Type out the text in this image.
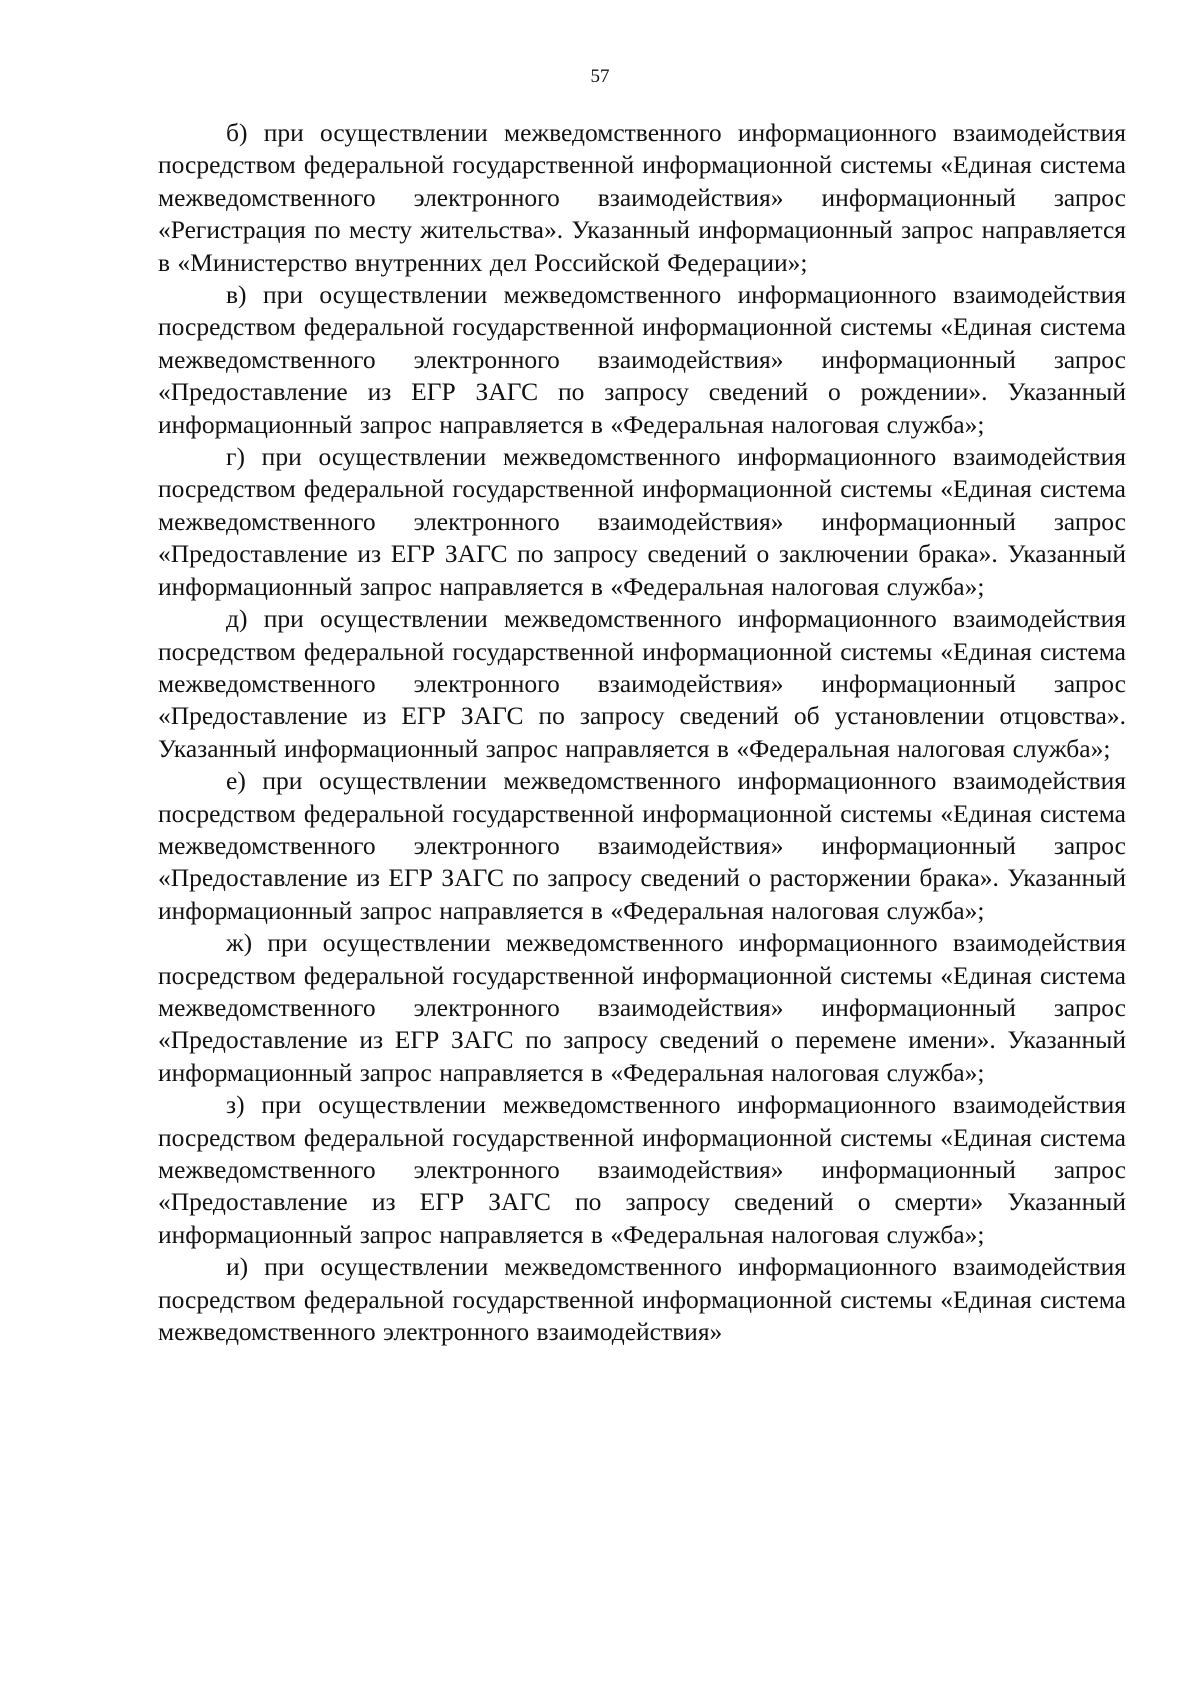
57

б) при осуществлении межведомственного информационного взаимодействия посредством федеральной государственной информационной системы «Единая система межведомственного электронного взаимодействия» информационный запрос «Регистрация по месту жительства». Указанный информационный запрос направляется в «Министерство внутренних дел Российской Федерации»;

в) при осуществлении межведомственного информационного взаимодействия посредством федеральной государственной информационной системы «Единая система межведомственного электронного взаимодействия» информационный запрос «Предоставление из ЕГР ЗАГС по запросу сведений о рождении». Указанный информационный запрос направляется в «Федеральная налоговая служба»;

г) при осуществлении межведомственного информационного взаимодействия посредством федеральной государственной информационной системы «Единая система межведомственного электронного взаимодействия» информационный запрос «Предоставление из ЕГР ЗАГС по запросу сведений о заключении брака». Указанный информационный запрос направляется в «Федеральная налоговая служба»;

д) при осуществлении межведомственного информационного взаимодействия посредством федеральной государственной информационной системы «Единая система межведомственного электронного взаимодействия» информационный запрос «Предоставление из ЕГР ЗАГС по запросу сведений об установлении отцовства». Указанный информационный запрос направляется в «Федеральная налоговая служба»;

е) при осуществлении межведомственного информационного взаимодействия посредством федеральной государственной информационной системы «Единая система межведомственного электронного взаимодействия» информационный запрос «Предоставление из ЕГР ЗАГС по запросу сведений о расторжении брака». Указанный информационный запрос направляется в «Федеральная налоговая служба»;

ж) при осуществлении межведомственного информационного взаимодействия посредством федеральной государственной информационной системы «Единая система межведомственного электронного взаимодействия» информационный запрос «Предоставление из ЕГР ЗАГС по запросу сведений о перемене имени». Указанный информационный запрос направляется в «Федеральная налоговая служба»;

з) при осуществлении межведомственного информационного взаимодействия посредством федеральной государственной информационной системы «Единая система межведомственного электронного взаимодействия» информационный запрос «Предоставление из ЕГР ЗАГС по запросу сведений о смерти» Указанный информационный запрос направляется в «Федеральная налоговая служба»;

и) при осуществлении межведомственного информационного взаимодействия посредством федеральной государственной информационной системы «Единая система межведомственного электронного взаимодействия»
